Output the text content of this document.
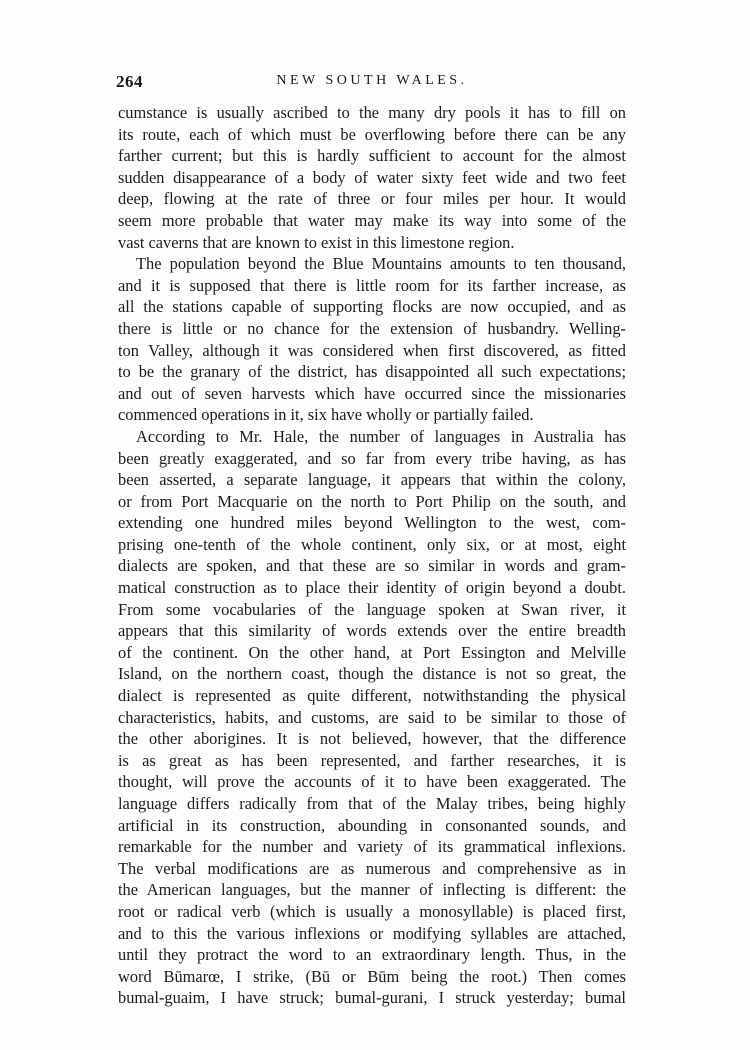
264	NEW SOUTH WALES.
cumstance is usually ascribed to the many dry pools it has to fill on
its route, each of which must be overflowing before there can be any
farther current; but this is hardly sufficient to account for the almost
sudden disappearance of a body of water sixty feet wide and two feet
deep, flowing at the rate of three or four miles per hour. It would
seem more probable that water may make its way into some of the
vast caverns that are known to exist in this limestone region.
The population beyond the Blue Mountains amounts to ten thousand,
and it is supposed that there is little room for its farther increase, as
all the stations capable of supporting flocks are now occupied, and as
there is little or no chance for the extension of husbandry. Welling-
ton Valley, although it was considered when first discovered, as fitted
to be the granary of the district, has disappointed all such expectations;
and out of seven harvests which have occurred since the missionaries
commenced operations in it, six have wholly or partially failed.
According to Mr. Hale, the number of languages in Australia has
been greatly exaggerated, and so far from every tribe having, as has
been asserted, a separate language, it appears that within the colony,
or from Port Macquarie on the north to Port Philip on the south, and
extending one hundred miles beyond Wellington to the west, com-
prising one-tenth of the whole continent, only six, or at most, eight
dialects are spoken, and that these are so similar in words and gram-
matical construction as to place their identity of origin beyond a doubt.
From some vocabularies of the language spoken at Swan river, it
appears that this similarity of words extends over the entire breadth
of the continent. On the other hand, at Port Essington and Melville
Island, on the northern coast, though the distance is not so great, the
dialect is represented as quite different, notwithstanding the physical
characteristics, habits, and customs, are said to be similar to those of
the other aborigines. It is not believed, however, that the difference
is as great as has been represented, and farther researches, it is
thought, will prove the accounts of it to have been exaggerated. The
language differs radically from that of the Malay tribes, being highly
artificial in its construction, abounding in consonanted sounds, and
remarkable for the number and variety of its grammatical inflexions.
The verbal modifications are as numerous and comprehensive as in
the American languages, but the manner of inflecting is different: the
root or radical verb (which is usually a monosyllable) is placed first,
and to this the various inflexions or modifying syllables are attached,
until they protract the word to an extraordinary length. Thus, in the
word Būmarœ, I strike, (Bū or Būm being the root.) Then comes
bumal-guaim, I have struck; bumal-gurani, I struck yesterday; bumal
